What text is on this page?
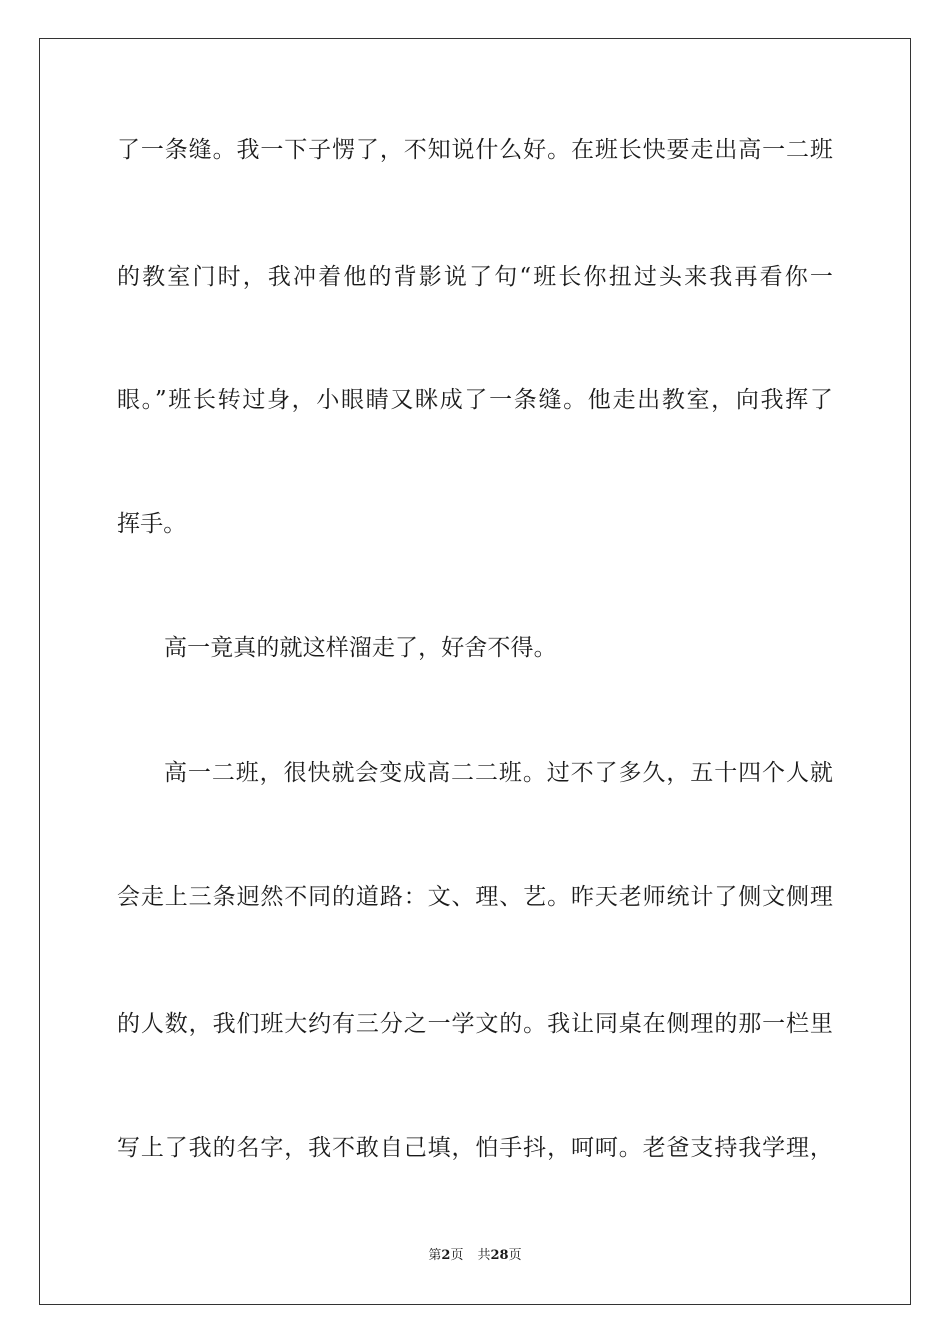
了一条缝。我一下子愣了，不知说什么好。在班长快要走出高一二班
的教室门时，我冲着他的背影说了句“班长你扭过头来我再看你一
眼。”班长转过身，小眼睛又眯成了一条缝。他走出教室，向我挥了
挥手。
高一竟真的就这样溜走了，好舍不得。
高一二班，很快就会变成高二二班。过不了多久，五十四个人就
会走上三条迥然不同的道路：文、理、艺。昨天老师统计了侧文侧理
的人数，我们班大约有三分之一学文的。我让同桌在侧理的那一栏里
写上了我的名字，我不敢自己填，怕手抖，呵呵。老爸支持我学理，
第2页 共28页
